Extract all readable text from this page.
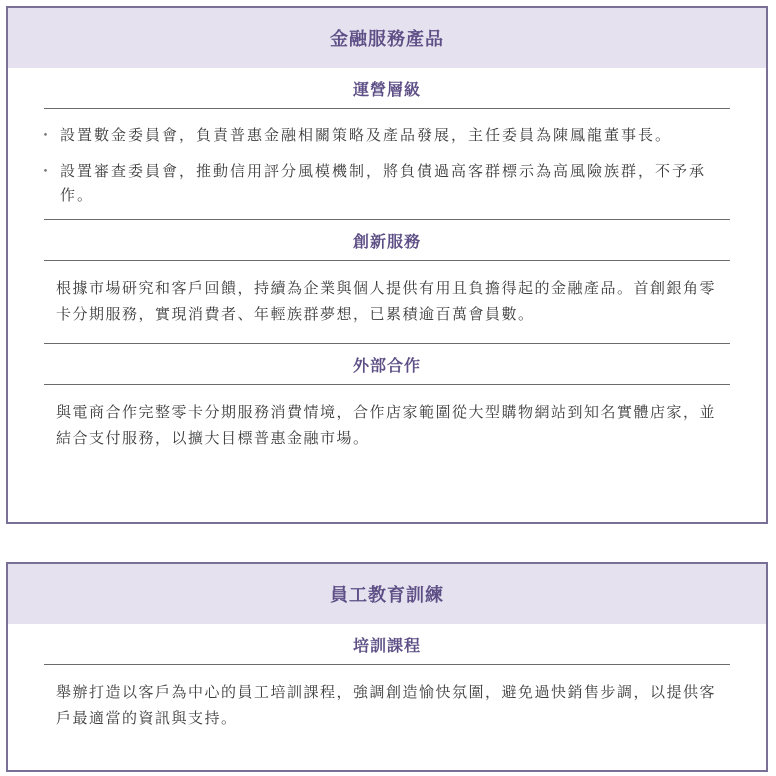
金融服務產品
運營層級
・ 設置數金委員會，負責普惠金融相關策略及產品發展，主任委員為陳鳳龍董事長。
・ 設置審查委員會，推動信用評分風模機制，將負債過高客群標示為高風險族群，不予承作。
創新服務

根據市場研究和客戶回饋，持續為企業與個人提供有用且負擔得起的金融產品。首創銀角零卡分期服務，實現消費者、年輕族群夢想，已累積逾百萬會員數。

外部合作

與電商合作完整零卡分期服務消費情境，合作店家範圍從大型購物網站到知名實體店家，並結合支付服務，以擴大目標普惠金融市場。

員工教育訓練
培訓課程

舉辦打造以客戶為中心的員工培訓課程，強調創造愉快氛圍，避免過快銷售步調，以提供客戶最適當的資訊與支持。
